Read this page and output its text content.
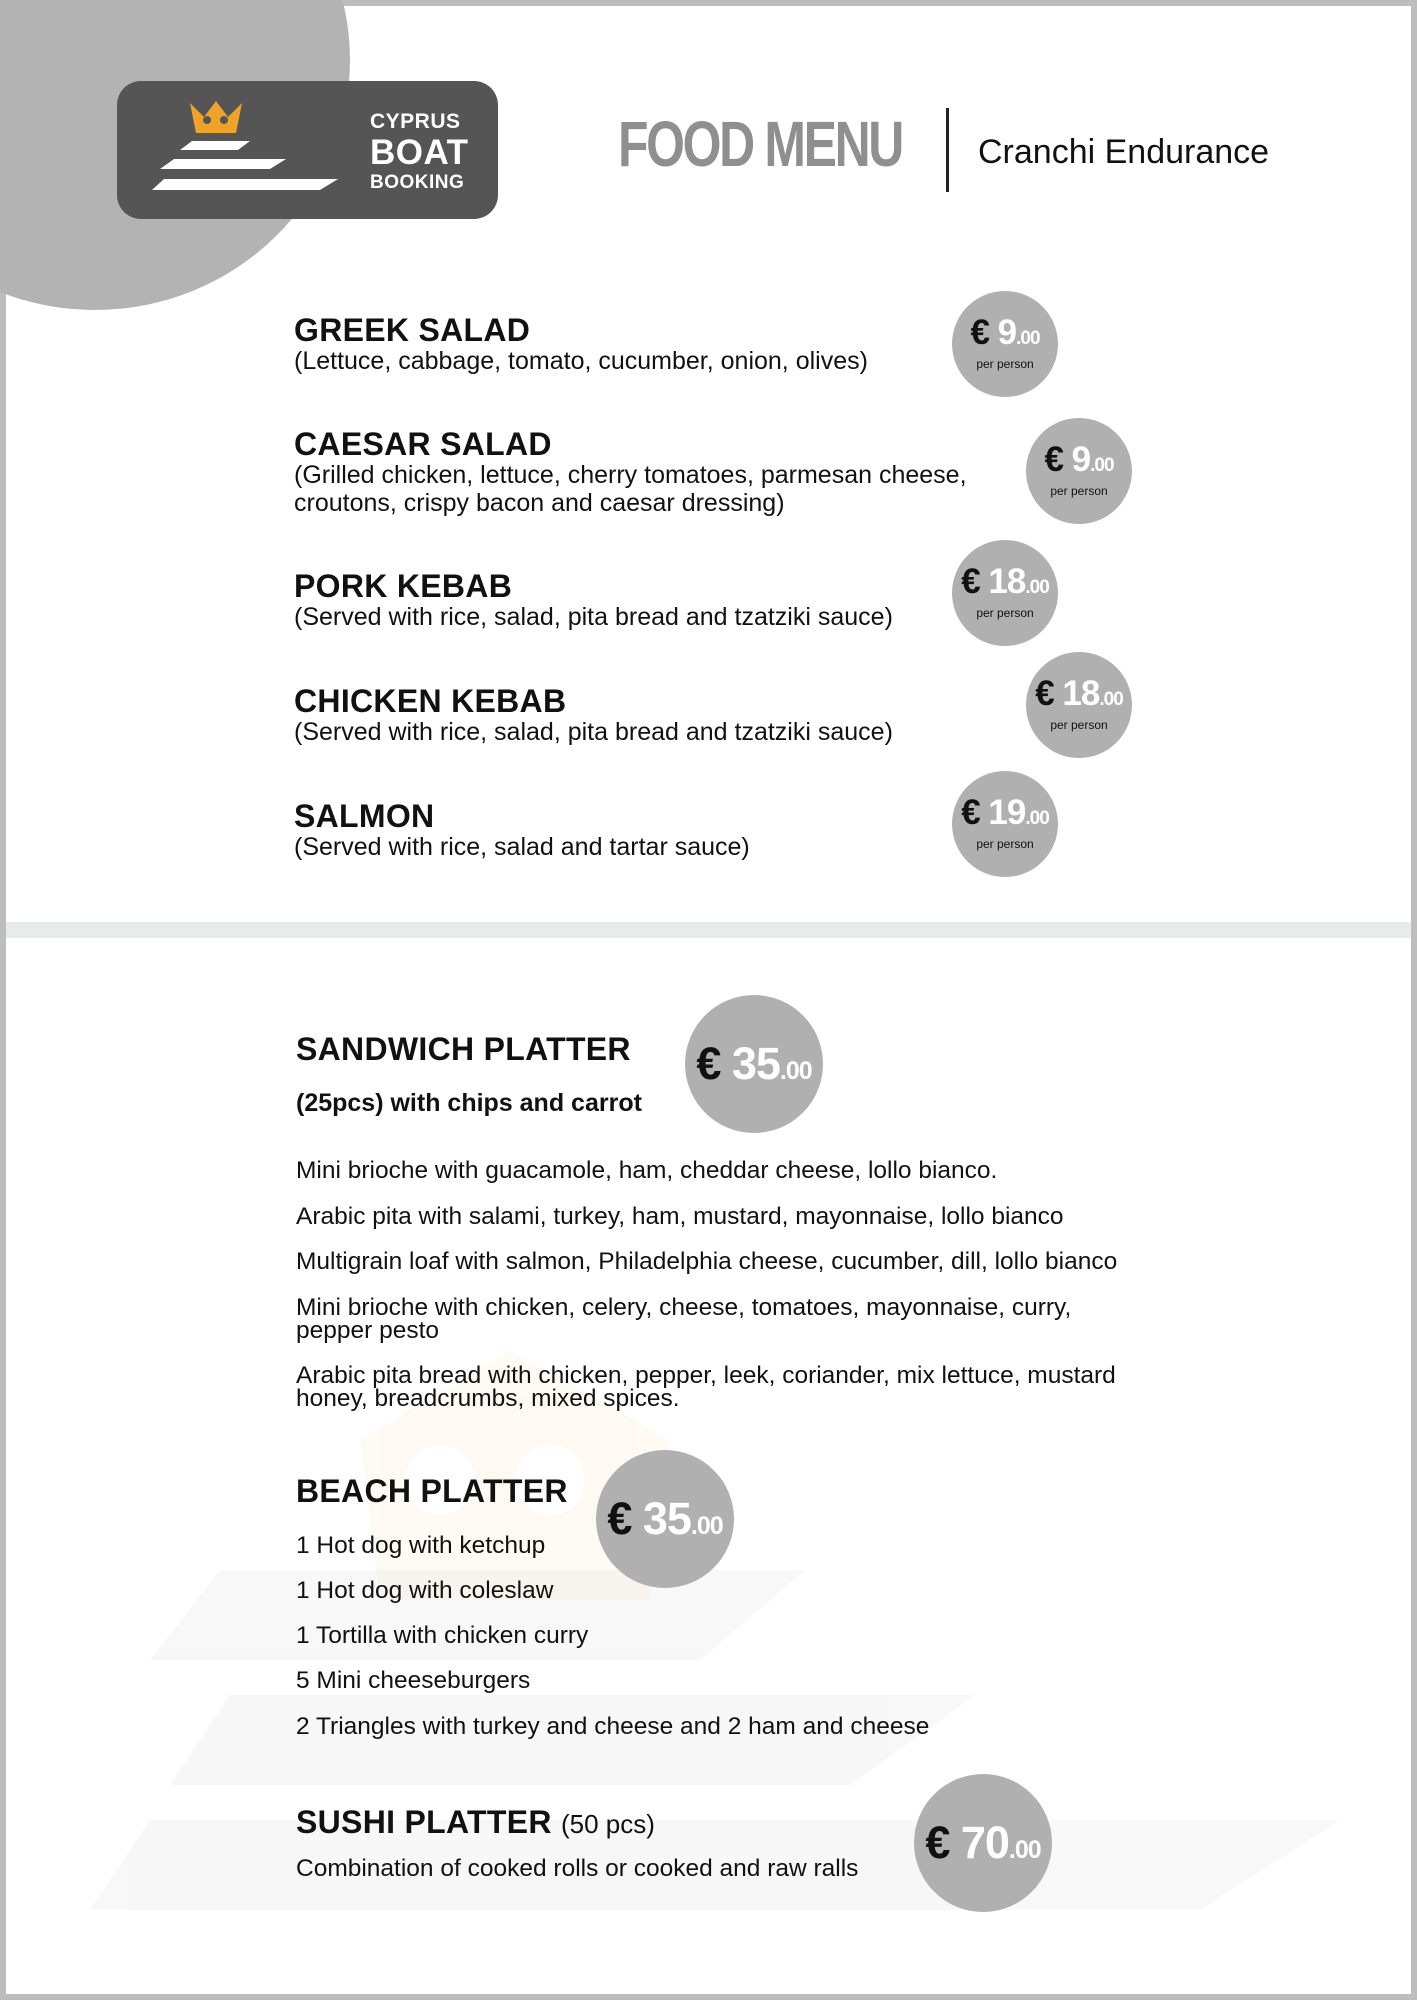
CYPRUS
BOAT
BOOKING
FOOD MENU Cranchi Endurance
GREEK SALAD
(Lettuce, cabbage, tomato, cucumber, onion, olives)
€ 9.00
per person
CAESAR SALAD
(Grilled chicken, lettuce, cherry tomatoes, parmesan cheese,
croutons, crispy bacon and caesar dressing)
€ 9.00
per person
PORK KEBAB
(Served with rice, salad, pita bread and tzatziki sauce)
€ 18.00
per person
CHICKEN KEBAB
(Served with rice, salad, pita bread and tzatziki sauce)
€ 18.00
per person
SALMON
(Served with rice, salad and tartar sauce)
€ 19.00
per person
SANDWICH PLATTER
(25pcs) with chips and carrot
€ 35.00
Mini brioche with guacamole, ham, cheddar cheese, lollo bianco.
Arabic pita with salami, turkey, ham, mustard, mayonnaise, lollo bianco
Multigrain loaf with salmon, Philadelphia cheese, cucumber, dill, lollo bianco
Mini brioche with chicken, celery, cheese, tomatoes, mayonnaise, curry,
pepper pesto
Arabic pita bread with chicken, pepper, leek, coriander, mix lettuce, mustard
honey, breadcrumbs, mixed spices.
BEACH PLATTER
€ 35.00
1 Hot dog with ketchup
1 Hot dog with coleslaw
1 Tortilla with chicken curry
5 Mini cheeseburgers
2 Triangles with turkey and cheese and 2 ham and cheese
SUSHI PLATTER (50 pcs)
Combination of cooked rolls or cooked and raw ralls
€ 70.00
